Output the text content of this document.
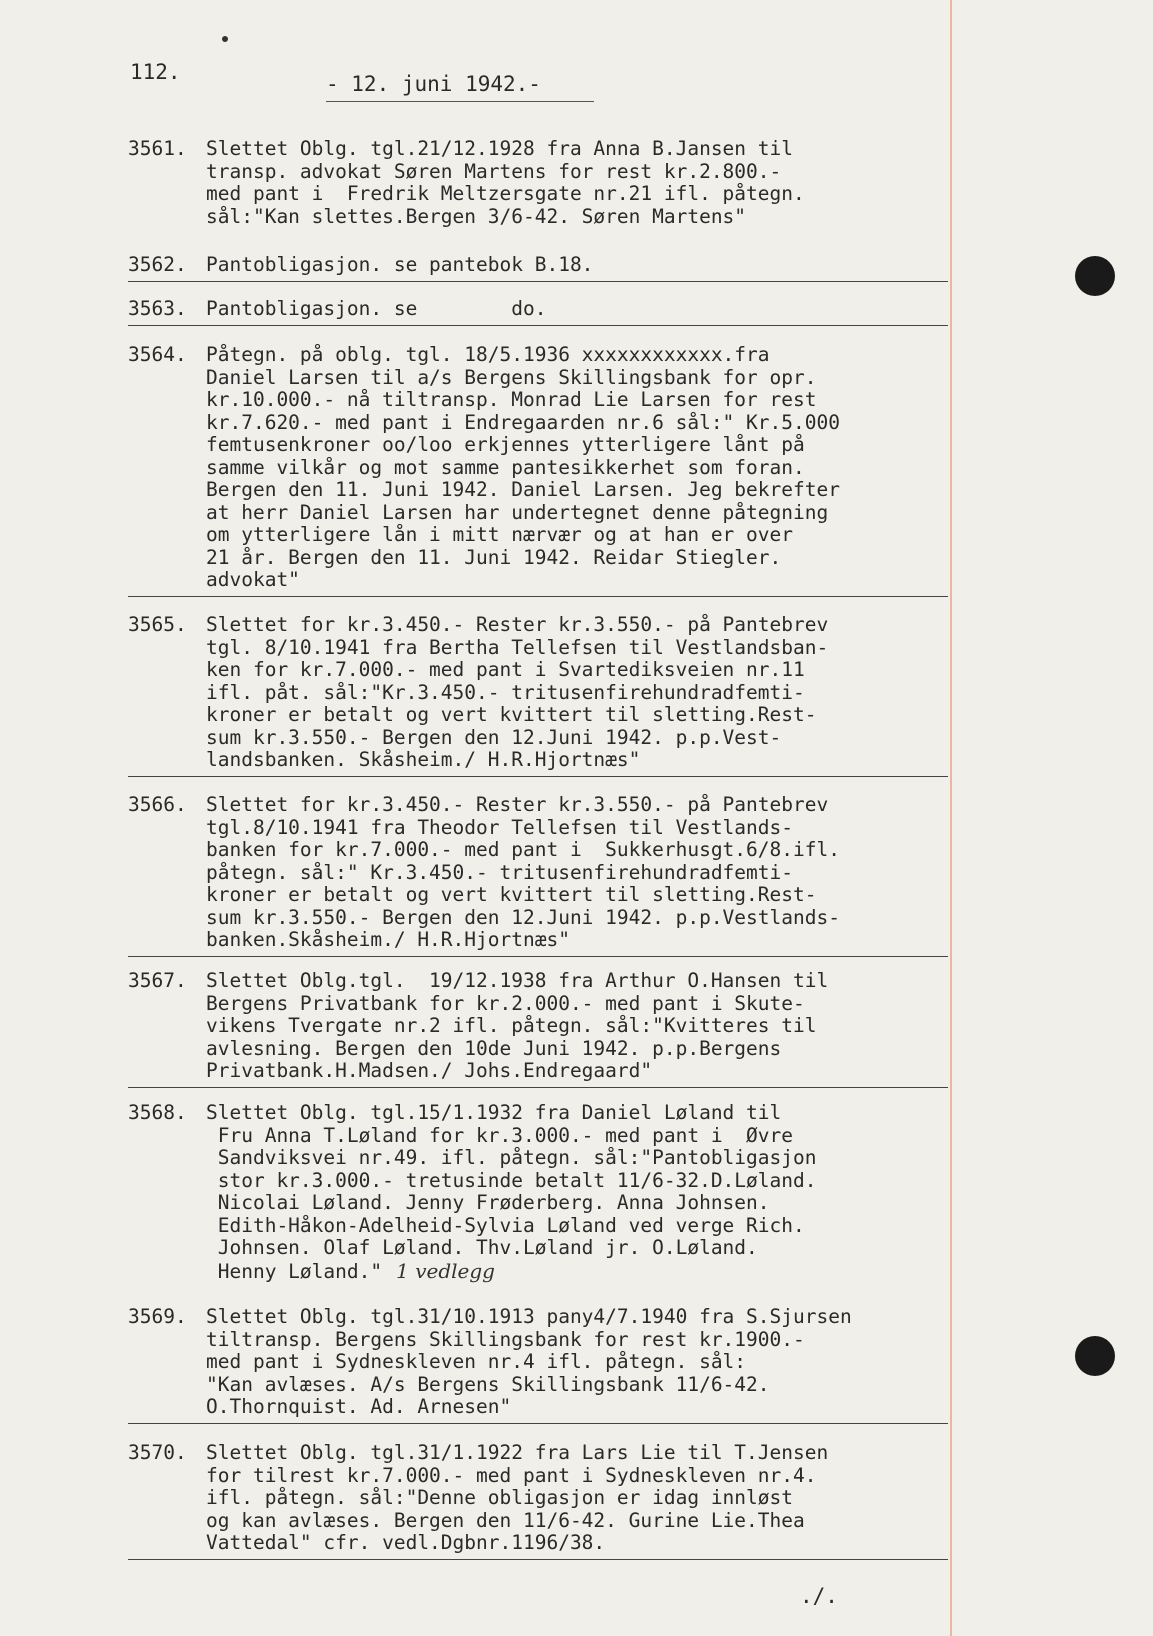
112.	- 12. juni 1942.-
3561. Slettet Oblg. tgl.21/12.1928 fra Anna B.Jansen til
transp. advokat Søren Martens for rest kr.2.800.-
med pant i  Fredrik Meltzersgate nr.21 ifl. påtegn.
sål:"Kan slettes.Bergen 3/6-42. Søren Martens"
3562. Pantobligasjon. se pantebok B.18.
3563. Pantobligasjon. se        do.
3564. Påtegn. på oblg. tgl. 18/5.1936 xxxxxxxxxxxx.fra
Daniel Larsen til a/s Bergens Skillingsbank for opr.
kr.10.000.- nå tiltransp. Monrad Lie Larsen for rest
kr.7.620.- med pant i Endregaarden nr.6 sål:" Kr.5.000
femtusenkroner oo/loo erkjennes ytterligere lånt på
samme vilkår og mot samme pantesikkerhet som foran.
Bergen den 11. Juni 1942. Daniel Larsen. Jeg bekrefter
at herr Daniel Larsen har undertegnet denne påtegning
om ytterligere lån i mitt nærvær og at han er over
21 år. Bergen den 11. Juni 1942. Reidar Stiegler.
advokat"
3565. Slettet for kr.3.450.- Rester kr.3.550.- på Pantebrev
tgl. 8/10.1941 fra Bertha Tellefsen til Vestlandsban-
ken for kr.7.000.- med pant i Svartediksveien nr.11
ifl. påt. sål:"Kr.3.450.- tritusenfirehundradfemti-
kroner er betalt og vert kvittert til sletting.Rest-
sum kr.3.550.- Bergen den 12.Juni 1942. p.p.Vest-
landsbanken. Skåsheim./ H.R.Hjortnæs"
3566. Slettet for kr.3.450.- Rester kr.3.550.- på Pantebrev
tgl.8/10.1941 fra Theodor Tellefsen til Vestlands-
banken for kr.7.000.- med pant i  Sukkerhusgt.6/8.ifl.
påtegn. sål:" Kr.3.450.- tritusenfirehundradfemti-
kroner er betalt og vert kvittert til sletting.Rest-
sum kr.3.550.- Bergen den 12.Juni 1942. p.p.Vestlands-
banken.Skåsheim./ H.R.Hjortnæs"
3567. Slettet Oblg.tgl.  19/12.1938 fra Arthur O.Hansen til
Bergens Privatbank for kr.2.000.- med pant i Skute-
vikens Tvergate nr.2 ifl. påtegn. sål:"Kvitteres til
avlesning. Bergen den 10de Juni 1942. p.p.Bergens
Privatbank.H.Madsen./ Johs.Endregaard"
3568. Slettet Oblg. tgl.15/1.1932 fra Daniel Løland til
Fru Anna T.Løland for kr.3.000.- med pant i  Øvre
Sandviksvei nr.49. ifl. påtegn. sål:"Pantobligasjon
stor kr.3.000.- tretusinde betalt 11/6-32.D.Løland.
Nicolai Løland. Jenny Frøderberg. Anna Johnsen.
Edith-Håkon-Adelheid-Sylvia Løland ved verge Rich.
Johnsen. Olaf Løland. Thv.Løland jr. O.Løland.
Henny Løland." 1 vedlegg
3569. Slettet Oblg. tgl.31/10.1913 pany4/7.1940 fra S.Sjursen
tiltransp. Bergens Skillingsbank for rest kr.1900.-
med pant i Sydneskleven nr.4 ifl. påtegn. sål:
"Kan avlæses. A/s Bergens Skillingsbank 11/6-42.
O.Thornquist. Ad. Arnesen"
3570. Slettet Oblg. tgl.31/1.1922 fra Lars Lie til T.Jensen
for tilrest kr.7.000.- med pant i Sydneskleven nr.4.
ifl. påtegn. sål:"Denne obligasjon er idag innløst
og kan avlæses. Bergen den 11/6-42. Gurine Lie.Thea
Vattedal" cfr. vedl.Dgbnr.1196/38.
./.
